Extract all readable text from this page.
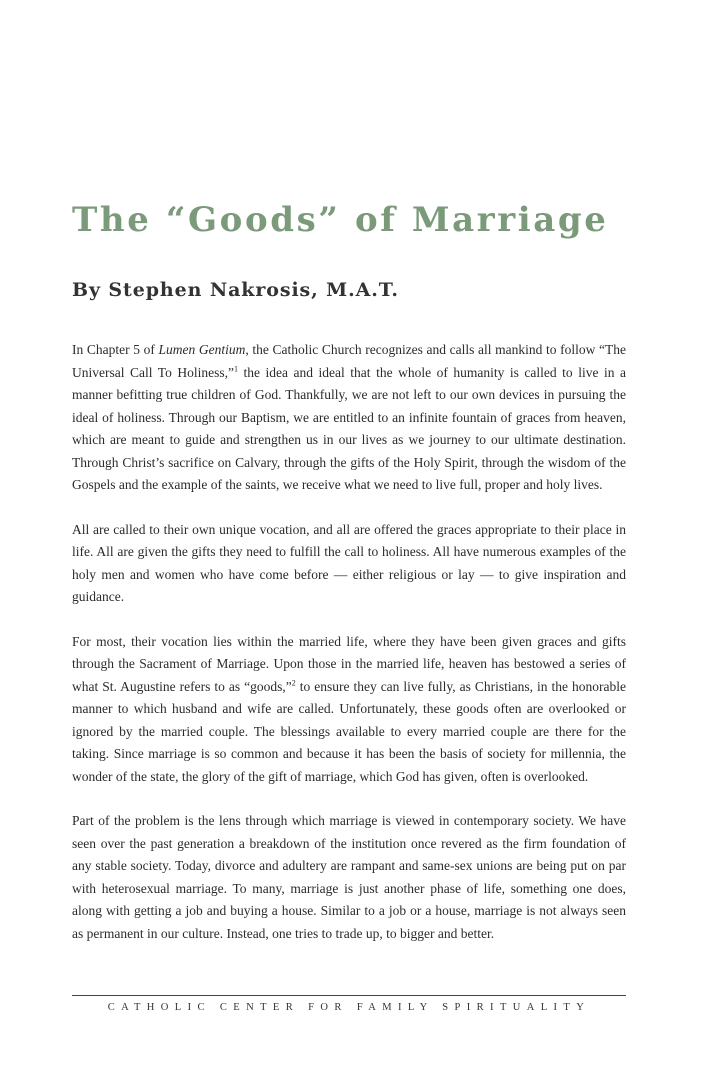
The “Goods” of Marriage
By Stephen Nakrosis, M.A.T.

In Chapter 5 of Lumen Gentium, the Catholic Church recognizes and calls all mankind to follow “The Universal Call To Holiness,”$^1$ the idea and ideal that the whole of humanity is called to live in a manner befitting true children of God. Thankfully, we are not left to our own devices in pursuing the ideal of holiness. Through our Baptism, we are entitled to an infinite fountain of graces from heaven, which are meant to guide and strengthen us in our lives as we journey to our ultimate destination. Through Christ’s sacrifice on Calvary, through the gifts of the Holy Spirit, through the wisdom of the Gospels and the example of the saints, we receive what we need to live full, proper and holy lives.

All are called to their own unique vocation, and all are offered the graces appropriate to their place in life. All are given the gifts they need to fulfill the call to holiness. All have numerous examples of the holy men and women who have come before — either religious or lay — to give inspiration and guidance.

For most, their vocation lies within the married life, where they have been given graces and gifts through the Sacrament of Marriage. Upon those in the married life, heaven has bestowed a series of what St. Augustine refers to as “goods,”$^2$ to ensure they can live fully, as Christians, in the honorable manner to which husband and wife are called. Unfortunately, these goods often are overlooked or ignored by the married couple. The blessings available to every married couple are there for the taking. Since marriage is so common and because it has been the basis of society for millennia, the wonder of the state, the glory of the gift of marriage, which God has given, often is overlooked.

Part of the problem is the lens through which marriage is viewed in contemporary society. We have seen over the past generation a breakdown of the institution once revered as the firm foundation of any stable society. Today, divorce and adultery are rampant and same-sex unions are being put on par with heterosexual marriage. To many, marriage is just another phase of life, something one does, along with getting a job and buying a house. Similar to a job or a house, marriage is not always seen as permanent in our culture. Instead, one tries to trade up, to bigger and better.

CATHOLIC CENTER FOR FAMILY SPIRITUALITY
